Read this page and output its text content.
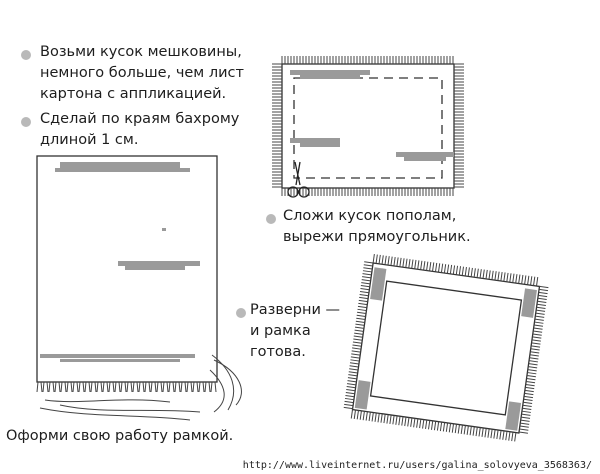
Возьми кусок мешковины,
немного больше, чем лист
картона с аппликацией.
Сделай по краям бахрому
длиной 1 см.
Сложи кусок пополам,
вырежи прямоугольник.
Разверни —
и рамка
готова.
Оформи свою работу рамкой.
http://www.liveinternet.ru/users/galina_solovyeva_3568363/
